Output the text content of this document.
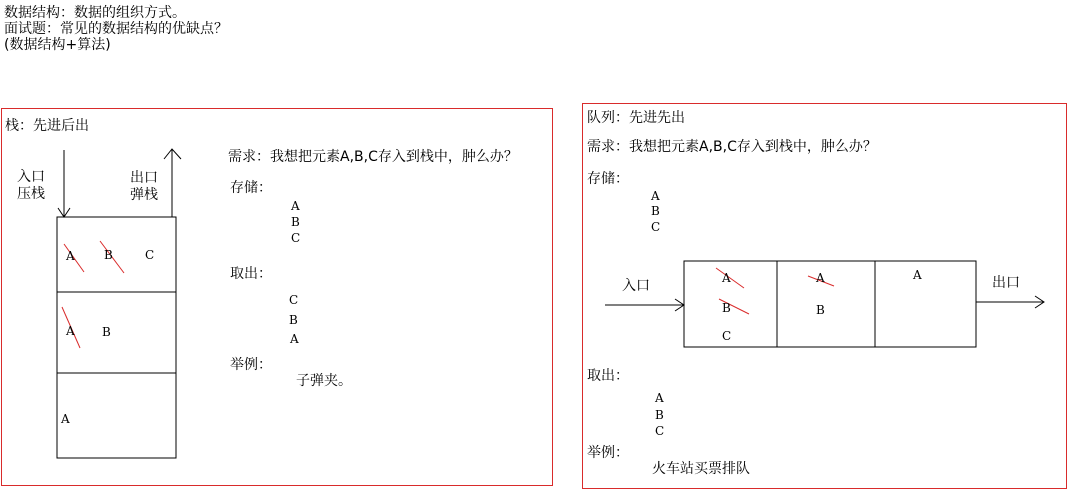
数据结构：数据的组织方式。
面试题：常见的数据结构的优缺点？
(数据结构+算法)
栈：先进后出
入口
压栈
出口
弹栈
A B	C
A B
A
需求：我想把元素A,B,C存入到栈中，肿么办？
存储：
A
B
C
取出：
C
B
A
举例：
子弹夹。
队列：先进先出
需求：我想把元素A,B,C存入到栈中，肿么办？
存储：
A
B
C
入口	出口
A
B
C
A
B
A
取出：
A
B
C
举例：
火车站买票排队
